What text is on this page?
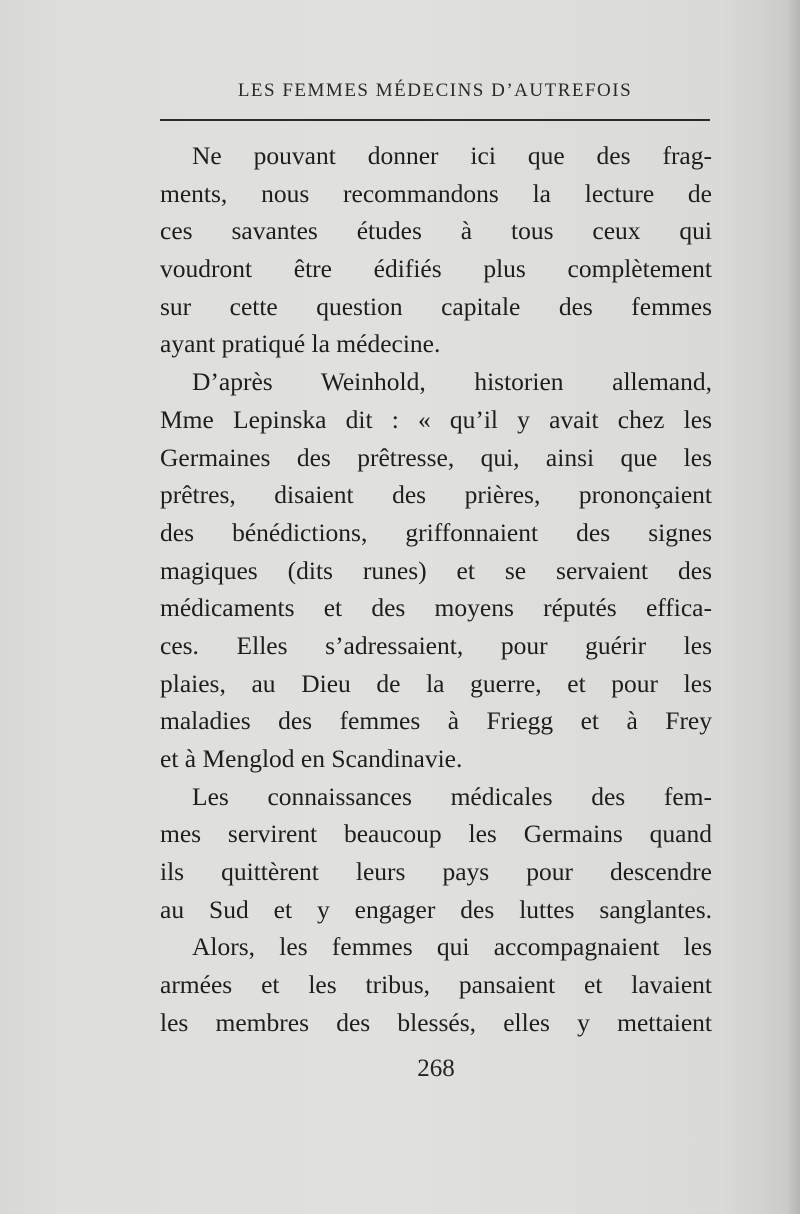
LES FEMMES MÉDECINS D’AUTREFOIS
Ne pouvant donner ici que des frag-
ments, nous recommandons la lecture de
ces savantes études à tous ceux qui
voudront être édifiés plus complètement
sur cette question capitale des femmes
ayant pratiqué la médecine.
D’après Weinhold, historien allemand,
Mme Lepinska dit : « qu’il y avait chez les
Germaines des prêtresse, qui, ainsi que les
prêtres, disaient des prières, prononçaient
des bénédictions, griffonnaient des signes
magiques (dits runes) et se servaient des
médicaments et des moyens réputés effica-
ces. Elles s’adressaient, pour guérir les
plaies, au Dieu de la guerre, et pour les
maladies des femmes à Friegg et à Frey
et à Menglod en Scandinavie.
Les connaissances médicales des fem-
mes servirent beaucoup les Germains quand
ils quittèrent leurs pays pour descendre
au Sud et y engager des luttes sanglantes.
Alors, les femmes qui accompagnaient les
armées et les tribus, pansaient et lavaient
les membres des blessés, elles y mettaient
268
